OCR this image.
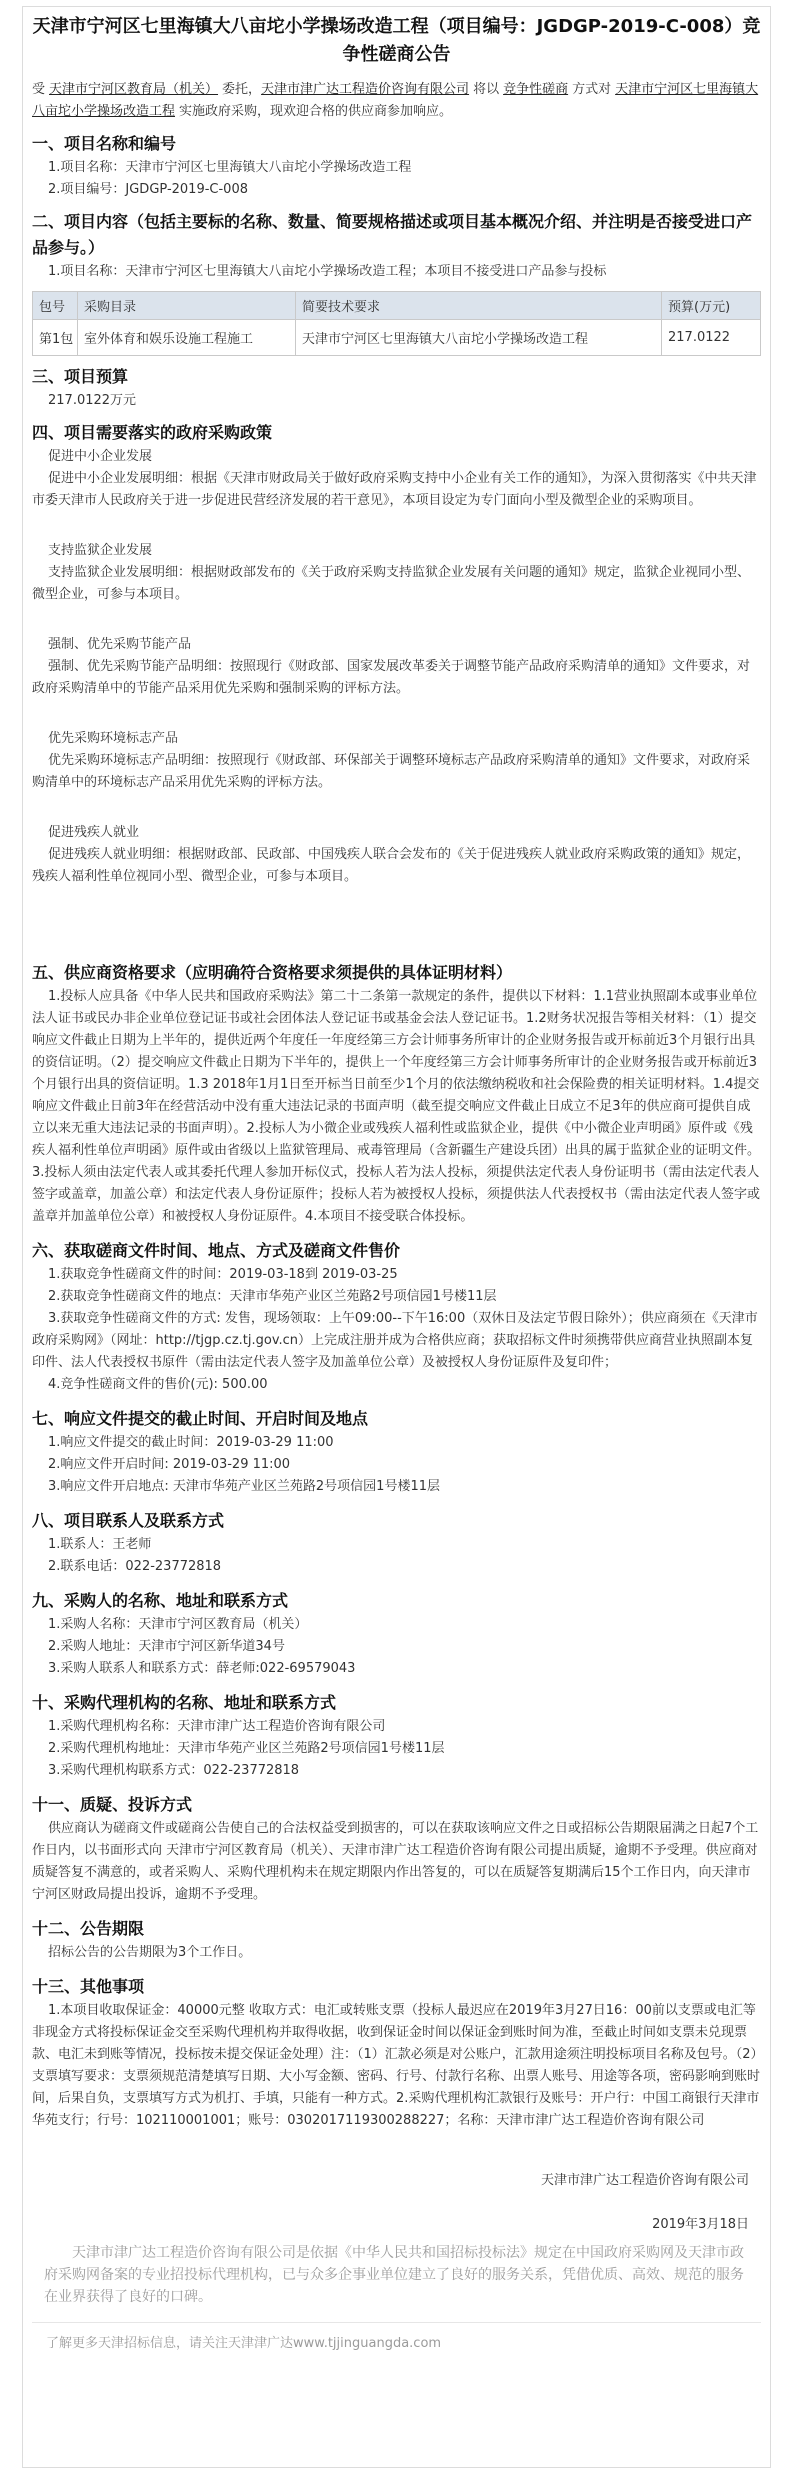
天津市宁河区七里海镇大八亩坨小学操场改造工程（项目编号：JGDGP-2019-C-008）竞争性磋商公告

受 天津市宁河区教育局（机关） 委托，天津市津广达工程造价咨询有限公司 将以 竞争性磋商 方式对 天津市宁河区七里海镇大八亩坨小学操场改造工程 实施政府采购，现欢迎合格的供应商参加响应。

一、项目名称和编号

1.项目名称：天津市宁河区七里海镇大八亩坨小学操场改造工程

2.项目编号：JGDGP-2019-C-008

二、项目内容（包括主要标的名称、数量、简要规格描述或项目基本概况介绍、并注明是否接受进口产品参与。）

1.项目名称：天津市宁河区七里海镇大八亩坨小学操场改造工程；本项目不接受进口产品参与投标

包号	采购目录	简要技术要求	预算(万元)
第1包	室外体育和娱乐设施工程施工	天津市宁河区七里海镇大八亩坨小学操场改造工程	217.0122
三、项目预算

217.0122万元

四、项目需要落实的政府采购政策

促进中小企业发展

促进中小企业发展明细：根据《天津市财政局关于做好政府采购支持中小企业有关工作的通知》，为深入贯彻落实《中共天津市委天津市人民政府关于进一步促进民营经济发展的若干意见》，本项目设定为专门面向小型及微型企业的采购项目。

支持监狱企业发展

支持监狱企业发展明细：根据财政部发布的《关于政府采购支持监狱企业发展有关问题的通知》规定，监狱企业视同小型、微型企业，可参与本项目。

强制、优先采购节能产品

强制、优先采购节能产品明细：按照现行《财政部、国家发展改革委关于调整节能产品政府采购清单的通知》文件要求，对政府采购清单中的节能产品采用优先采购和强制采购的评标方法。

优先采购环境标志产品

优先采购环境标志产品明细：按照现行《财政部、环保部关于调整环境标志产品政府采购清单的通知》文件要求，对政府采购清单中的环境标志产品采用优先采购的评标方法。

促进残疾人就业

促进残疾人就业明细：根据财政部、民政部、中国残疾人联合会发布的《关于促进残疾人就业政府采购政策的通知》规定，残疾人福利性单位视同小型、微型企业，可参与本项目。

五、供应商资格要求（应明确符合资格要求须提供的具体证明材料）

1.投标人应具备《中华人民共和国政府采购法》第二十二条第一款规定的条件，提供以下材料：1.1营业执照副本或事业单位法人证书或民办非企业单位登记证书或社会团体法人登记证书或基金会法人登记证书。1.2财务状况报告等相关材料：（1）提交响应文件截止日期为上半年的，提供近两个年度任一年度经第三方会计师事务所审计的企业财务报告或开标前近3个月银行出具的资信证明。（2）提交响应文件截止日期为下半年的，提供上一个年度经第三方会计师事务所审计的企业财务报告或开标前近3个月银行出具的资信证明。1.3 2018年1月1日至开标当日前至少1个月的依法缴纳税收和社会保险费的相关证明材料。1.4提交响应文件截止日前3年在经营活动中没有重大违法记录的书面声明（截至提交响应文件截止日成立不足3年的供应商可提供自成立以来无重大违法记录的书面声明）。2.投标人为小微企业或残疾人福利性或监狱企业，提供《中小微企业声明函》原件或《残疾人福利性单位声明函》原件或由省级以上监狱管理局、戒毒管理局（含新疆生产建设兵团）出具的属于监狱企业的证明文件。3.投标人须由法定代表人或其委托代理人参加开标仪式，投标人若为法人投标，须提供法定代表人身份证明书（需由法定代表人签字或盖章，加盖公章）和法定代表人身份证原件；投标人若为被授权人投标，须提供法人代表授权书（需由法定代表人签字或盖章并加盖单位公章）和被授权人身份证原件。4.本项目不接受联合体投标。

六、获取磋商文件时间、地点、方式及磋商文件售价

1.获取竞争性磋商文件的时间：2019-03-18到 2019-03-25

2.获取竞争性磋商文件的地点：天津市华苑产业区兰苑路2号项信园1号楼11层

3.获取竞争性磋商文件的方式: 发售，现场领取：上午09:00--下午16:00（双休日及法定节假日除外）；供应商须在《天津市政府采购网》（网址：http://tjgp.cz.tj.gov.cn）上完成注册并成为合格供应商；获取招标文件时须携带供应商营业执照副本复印件、法人代表授权书原件（需由法定代表人签字及加盖单位公章）及被授权人身份证原件及复印件；

4.竞争性磋商文件的售价(元): 500.00

七、响应文件提交的截止时间、开启时间及地点

1.响应文件提交的截止时间：2019-03-29 11:00

2.响应文件开启时间: 2019-03-29 11:00

3.响应文件开启地点: 天津市华苑产业区兰苑路2号项信园1号楼11层

八、项目联系人及联系方式

1.联系人：王老师

2.联系电话：022-23772818

九、采购人的名称、地址和联系方式

1.采购人名称：天津市宁河区教育局（机关）

2.采购人地址：天津市宁河区新华道34号

3.采购人联系人和联系方式：薛老师:022-69579043

十、采购代理机构的名称、地址和联系方式

1.采购代理机构名称：天津市津广达工程造价咨询有限公司

2.采购代理机构地址：天津市华苑产业区兰苑路2号项信园1号楼11层

3.采购代理机构联系方式：022-23772818

十一、质疑、投诉方式

供应商认为磋商文件或磋商公告使自己的合法权益受到损害的，可以在获取该响应文件之日或招标公告期限届满之日起7个工作日内，以书面形式向 天津市宁河区教育局（机关）、天津市津广达工程造价咨询有限公司提出质疑，逾期不予受理。供应商对质疑答复不满意的，或者采购人、采购代理机构未在规定期限内作出答复的，可以在质疑答复期满后15个工作日内，向天津市宁河区财政局提出投诉，逾期不予受理。

十二、公告期限

招标公告的公告期限为3个工作日。

十三、其他事项

1.本项目收取保证金：40000元整 收取方式：电汇或转账支票（投标人最迟应在2019年3月27日16：00前以支票或电汇等非现金方式将投标保证金交至采购代理机构并取得收据，收到保证金时间以保证金到账时间为准，至截止时间如支票未兑现票款、电汇未到账等情况，投标按未提交保证金处理）注：（1）汇款必须是对公账户，汇款用途须注明投标项目名称及包号。（2）支票填写要求：支票须规范清楚填写日期、大小写金额、密码、行号、付款行名称、出票人账号、用途等各项，密码影响到账时间，后果自负，支票填写方式为机打、手填，只能有一种方式。2.采购代理机构汇款银行及账号：开户行：中国工商银行天津市华苑支行；行号：102110001001；账号：0302017119300288227；名称：天津市津广达工程造价咨询有限公司

天津市津广达工程造价咨询有限公司

2019年3月18日

天津市津广达工程造价咨询有限公司是依据《中华人民共和国招标投标法》规定在中国政府采购网及天津市政府采购网备案的专业招投标代理机构，已与众多企事业单位建立了良好的服务关系，凭借优质、高效、规范的服务在业界获得了良好的口碑。

了解更多天津招标信息，请关注天津津广达www.tjjinguangda.com
